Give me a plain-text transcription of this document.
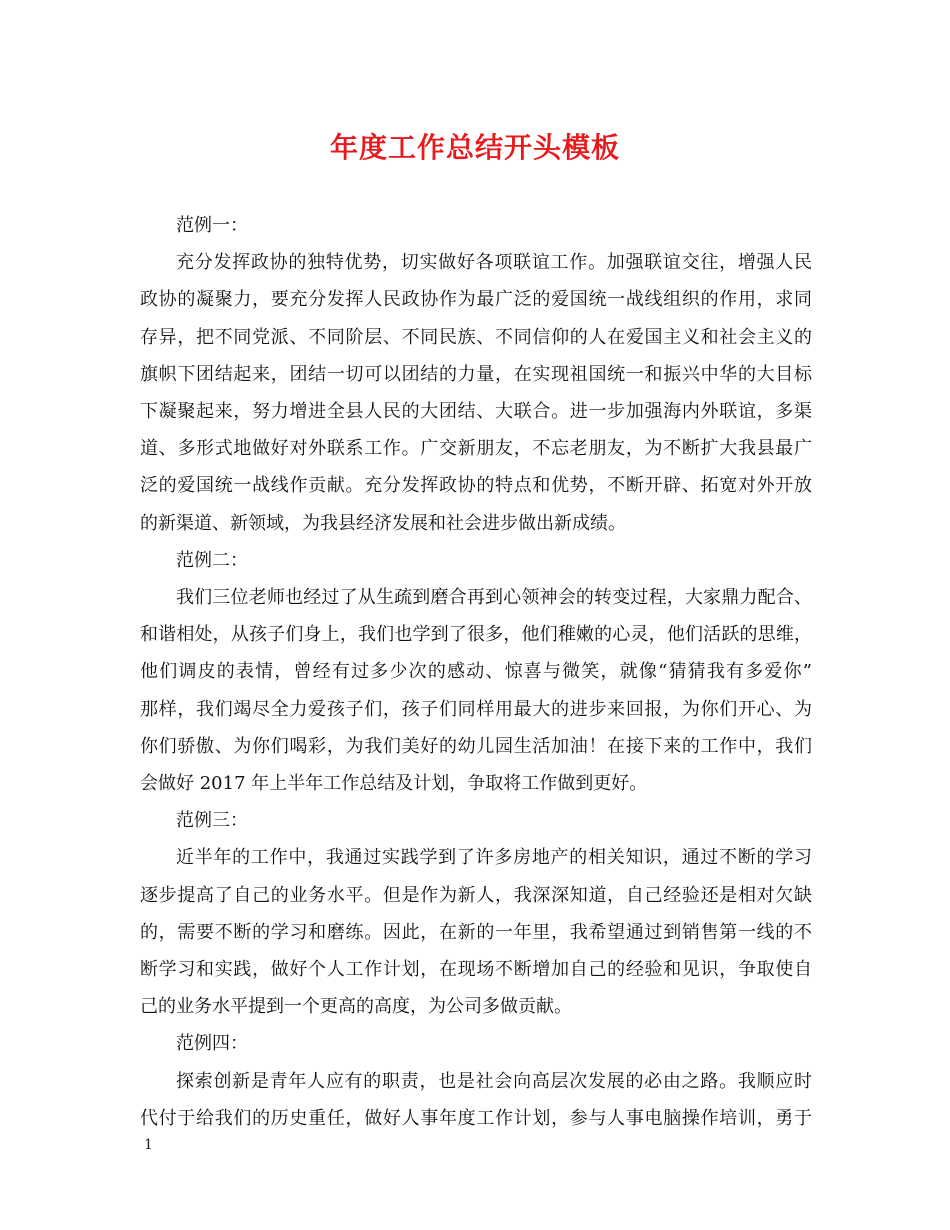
年度工作总结开头模板

范例一：

充分发挥政协的独特优势，切实做好各项联谊工作。加强联谊交往，增强人民

政协的凝聚力，要充分发挥人民政协作为最广泛的爱国统一战线组织的作用，求同

存异，把不同党派、不同阶层、不同民族、不同信仰的人在爱国主义和社会主义的

旗帜下团结起来，团结一切可以团结的力量，在实现祖国统一和振兴中华的大目标

下凝聚起来，努力增进全县人民的大团结、大联合。进一步加强海内外联谊，多渠

道、多形式地做好对外联系工作。广交新朋友，不忘老朋友，为不断扩大我县最广

泛的爱国统一战线作贡献。充分发挥政协的特点和优势，不断开辟、拓宽对外开放

的新渠道、新领域，为我县经济发展和社会进步做出新成绩。

范例二：

我们三位老师也经过了从生疏到磨合再到心领神会的转变过程，大家鼎力配合、

和谐相处，从孩子们身上，我们也学到了很多，他们稚嫩的心灵，他们活跃的思维，

他们调皮的表情，曾经有过多少次的感动、惊喜与微笑，就像“猜猜我有多爱你”

那样，我们竭尽全力爱孩子们，孩子们同样用最大的进步来回报，为你们开心、为

你们骄傲、为你们喝彩，为我们美好的幼儿园生活加油！在接下来的工作中，我们

会做好 2017 年上半年工作总结及计划，争取将工作做到更好。

范例三：

近半年的工作中，我通过实践学到了许多房地产的相关知识，通过不断的学习

逐步提高了自己的业务水平。但是作为新人，我深深知道，自己经验还是相对欠缺

的，需要不断的学习和磨练。因此，在新的一年里，我希望通过到销售第一线的不

断学习和实践，做好个人工作计划，在现场不断增加自己的经验和见识，争取使自

己的业务水平提到一个更高的高度，为公司多做贡献。

范例四：

探索创新是青年人应有的职责，也是社会向高层次发展的必由之路。我顺应时

代付于给我们的历史重任，做好人事年度工作计划，参与人事电脑操作培训，勇于

1
